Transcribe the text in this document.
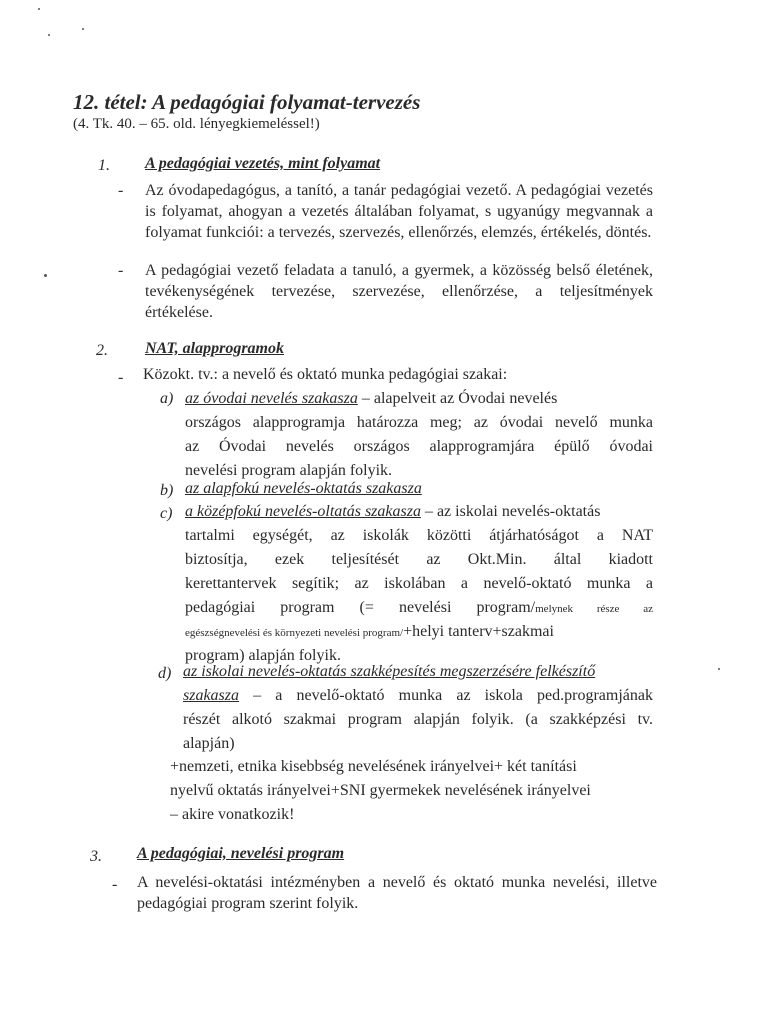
12. tétel: A pedagógiai folyamat-tervezés
(4. Tk. 40. – 65. old. lényegkiemeléssel!)
1. A pedagógiai vezetés, mint folyamat
- Az óvodapedagógus, a tanító, a tanár pedagógiai vezető. A pedagógiai vezetés is folyamat, ahogyan a vezetés általában folyamat, s ugyanúgy megvannak a folyamat funkciói: a tervezés, szervezés, ellenőrzés, elemzés, értékelés, döntés.
- A pedagógiai vezető feladata a tanuló, a gyermek, a közösség belső életének, tevékenységének tervezése, szervezése, ellenőrzése, a teljesítmények értékelése.
2. NAT, alapprogramok
- Közokt. tv.: a nevelő és oktató munka pedagógiai szakai:
a) az óvodai nevelés szakasza – alapelveit az Óvodai nevelés
országos alapprogramja határozza meg; az óvodai nevelő munka
az Óvodai nevelés országos alapprogramjára épülő óvodai
nevelési program alapján folyik.
b) az alapfokú nevelés-oktatás szakasza
c) a középfokú nevelés-oltatás szakasza – az iskolai nevelés-oktatás
tartalmi egységét, az iskolák közötti átjárhatóságot a NAT
biztosítja, ezek teljesítését az Okt.Min. által kiadott
kerettantervek segítik; az iskolában a nevelő-oktató munka a
pedagógiai program (= nevelési program/melynek része az
egészségnevelési és környezeti nevelési program/+helyi tanterv+szakmai
program) alapján folyik.
d) az iskolai nevelés-oktatás szakképesítés megszerzésére felkészítő
szakasza – a nevelő-oktató munka az iskola ped.programjának
részét alkotó szakmai program alapján folyik. (a szakképzési tv.
alapján)
+nemzeti, etnika kisebbség nevelésének irányelvei+ két tanítási
nyelvű oktatás irányelvei+SNI gyermekek nevelésének irányelvei
– akire vonatkozik!
3. A pedagógiai, nevelési program
- A nevelési-oktatási intézményben a nevelő és oktató munka nevelési, illetve pedagógiai program szerint folyik.
